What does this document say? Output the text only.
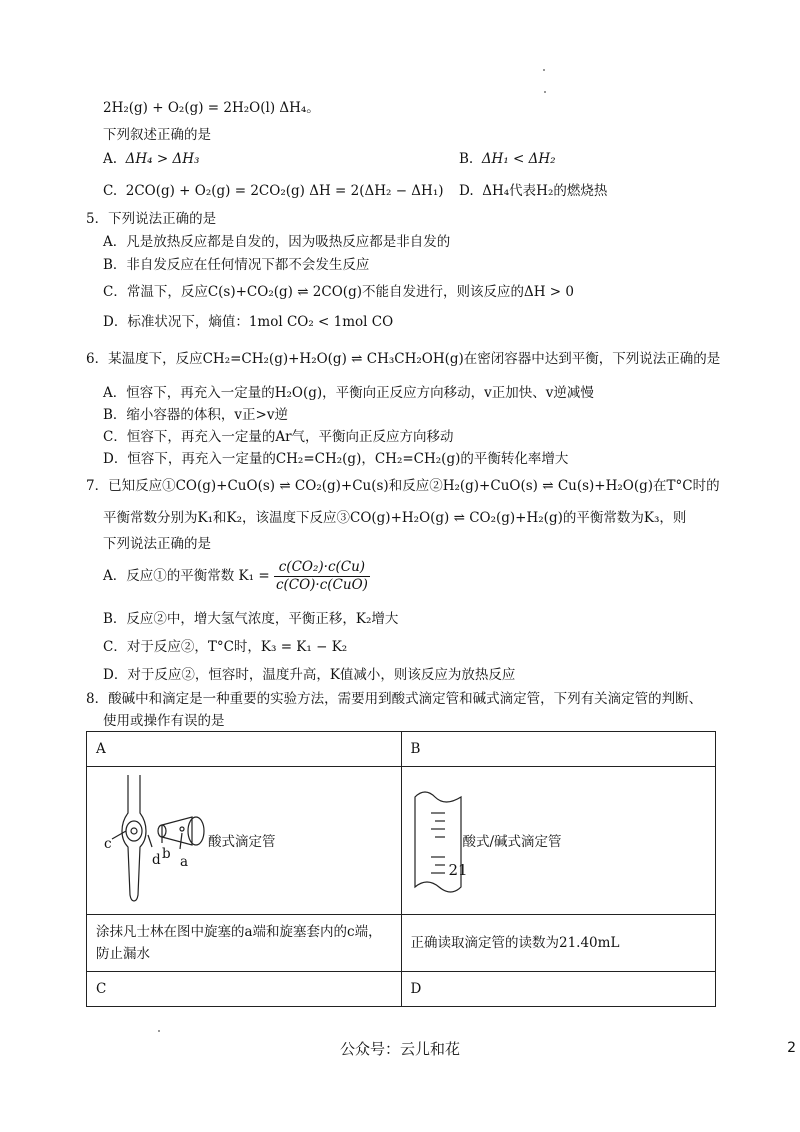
2H₂(g) + O₂(g) = 2H₂O(l) ΔH₄。
下列叙述正确的是
A. ΔH₄ > ΔH₃	B. ΔH₁ < ΔH₂
C. 2CO(g) + O₂(g) = 2CO₂(g) ΔH = 2(ΔH₂ − ΔH₁) D. ΔH₄代表H₂的燃烧热
5．下列说法正确的是
A．凡是放热反应都是自发的，因为吸热反应都是非自发的
B．非自发反应在任何情况下都不会发生反应
C．常温下，反应C(s)+CO₂(g) ⇌ 2CO(g)不能自发进行，则该反应的ΔH > 0
D．标准状况下，熵值：1mol CO₂ < 1mol CO
6．某温度下，反应CH₂=CH₂(g)+H₂O(g) ⇌ CH₃CH₂OH(g)在密闭容器中达到平衡，下列说法正确的是
A．恒容下，再充入一定量的H₂O(g)，平衡向正反应方向移动，v正加快、v逆减慢
B．缩小容器的体积，v正>v逆
C．恒容下，再充入一定量的Ar气，平衡向正反应方向移动
D．恒容下，再充入一定量的CH₂=CH₂(g)，CH₂=CH₂(g)的平衡转化率增大
7．已知反应①CO(g)+CuO(s) ⇌ CO₂(g)+Cu(s)和反应②H₂(g)+CuO(s) ⇌ Cu(s)+H₂O(g)在T°C时的
平衡常数分别为K₁和K₂，该温度下反应③CO(g)+H₂O(g) ⇌ CO₂(g)+H₂(g)的平衡常数为K₃，则
下列说法正确的是
A．反应①的平衡常数 $K_1 = \frac{\text{c(CO₂)·c(Cu)}}{\text{c(CO)·c(CuO)}}$
B．反应②中，增大氢气浓度，平衡正移，K₂增大
C．对于反应②，T°C时，K₃ = K₁ − K₂
D．对于反应②，恒容时，温度升高，K值减小，则该反应为放热反应
8．酸碱中和滴定是一种重要的实验方法，需要用到酸式滴定管和碱式滴定管，下列有关滴定管的判断、
使用或操作有误的是
A	B

c
d b a
酸式滴定管	21
酸式/碱式滴定管

涂抹凡士林在图中旋塞的a端和旋塞套内的c端，防止漏水	正确读取滴定管的读数为21.40mL
C	D
公众号：云儿和花	2
